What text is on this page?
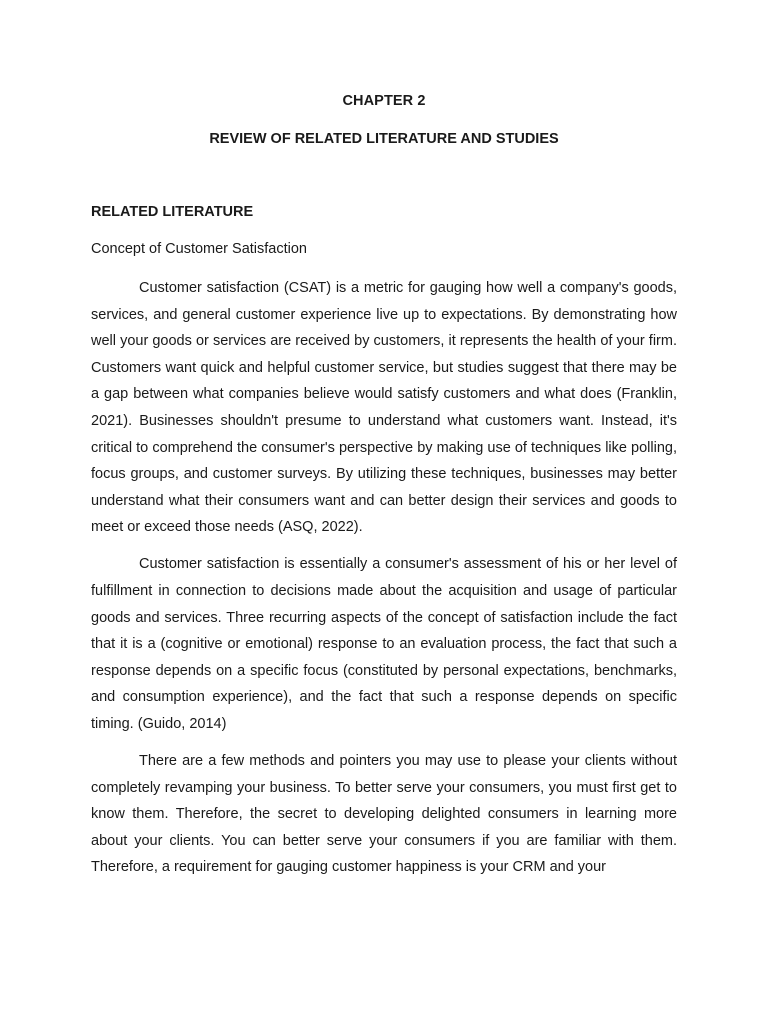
CHAPTER 2
REVIEW OF RELATED LITERATURE AND STUDIES
RELATED LITERATURE
Concept of Customer Satisfaction

Customer satisfaction (CSAT) is a metric for gauging how well a company's goods, services, and general customer experience live up to expectations. By demonstrating how well your goods or services are received by customers, it represents the health of your firm. Customers want quick and helpful customer service, but studies suggest that there may be a gap between what companies believe would satisfy customers and what does (Franklin, 2021). Businesses shouldn't presume to understand what customers want. Instead, it's critical to comprehend the consumer's perspective by making use of techniques like polling, focus groups, and customer surveys. By utilizing these techniques, businesses may better understand what their consumers want and can better design their services and goods to meet or exceed those needs (ASQ, 2022).

Customer satisfaction is essentially a consumer's assessment of his or her level of fulfillment in connection to decisions made about the acquisition and usage of particular goods and services. Three recurring aspects of the concept of satisfaction include the fact that it is a (cognitive or emotional) response to an evaluation process, the fact that such a response depends on a specific focus (constituted by personal expectations, benchmarks, and consumption experience), and the fact that such a response depends on specific timing. (Guido, 2014)

There are a few methods and pointers you may use to please your clients without completely revamping your business. To better serve your consumers, you must first get to know them. Therefore, the secret to developing delighted consumers in learning more about your clients. You can better serve your consumers if you are familiar with them. Therefore, a requirement for gauging customer happiness is your CRM and your
